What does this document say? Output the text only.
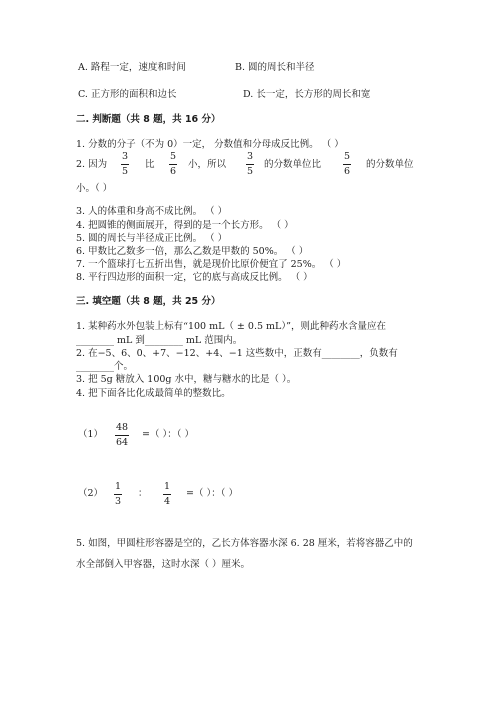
A. 路程一定，速度和时间	B. 圆的周长和半径
C. 正方形的面积和边长	D. 长一定，长方形的周长和宽
二. 判断题（共 8 题，共 16 分）
1. 分数的分子（不为 0）一定， 分数值和分母成反比例。 （ ）
2. 因为
3
5
比
5
6
小，所以
3
5
的分数单位比
5
6
的分数单位
小。（ ）
3. 人的体重和身高不成比例。 （ ）
4. 把圆锥的侧面展开，得到的是一个长方形。 （ ）
5. 圆的周长与半径成正比例。 （ ）
6. 甲数比乙数多一倍，那么乙数是甲数的 50%。 （ ）
7. 一个篮球打七五折出售，就是现价比原价便宜了 25%。 （ ）
8. 平行四边形的面积一定，它的底与高成反比例。 （ ）
三. 填空题（共 8 题，共 25 分）
1. 某种药水外包装上标有“100 mL（ ± 0.5 mL）”，则此种药水含量应在
________ mL 到________ mL 范围内。
2. 在−5、6、0、+7、−12、+4、−1 这些数中，正数有________，负数有
________个。
3. 把 5g 糖放入 100g 水中，糖与糖水的比是（ ）。
4. 把下面各比化成最简单的整数比。
（1）
48
64
=（ ）：（ ）
（2）
1
3
：
1
4
=（ ）：（ ）
5. 如图，甲圆柱形容器是空的，乙长方体容器水深 6. 28 厘米，若将容器乙中的
水全部倒入甲容器，这时水深（ ）厘米。
